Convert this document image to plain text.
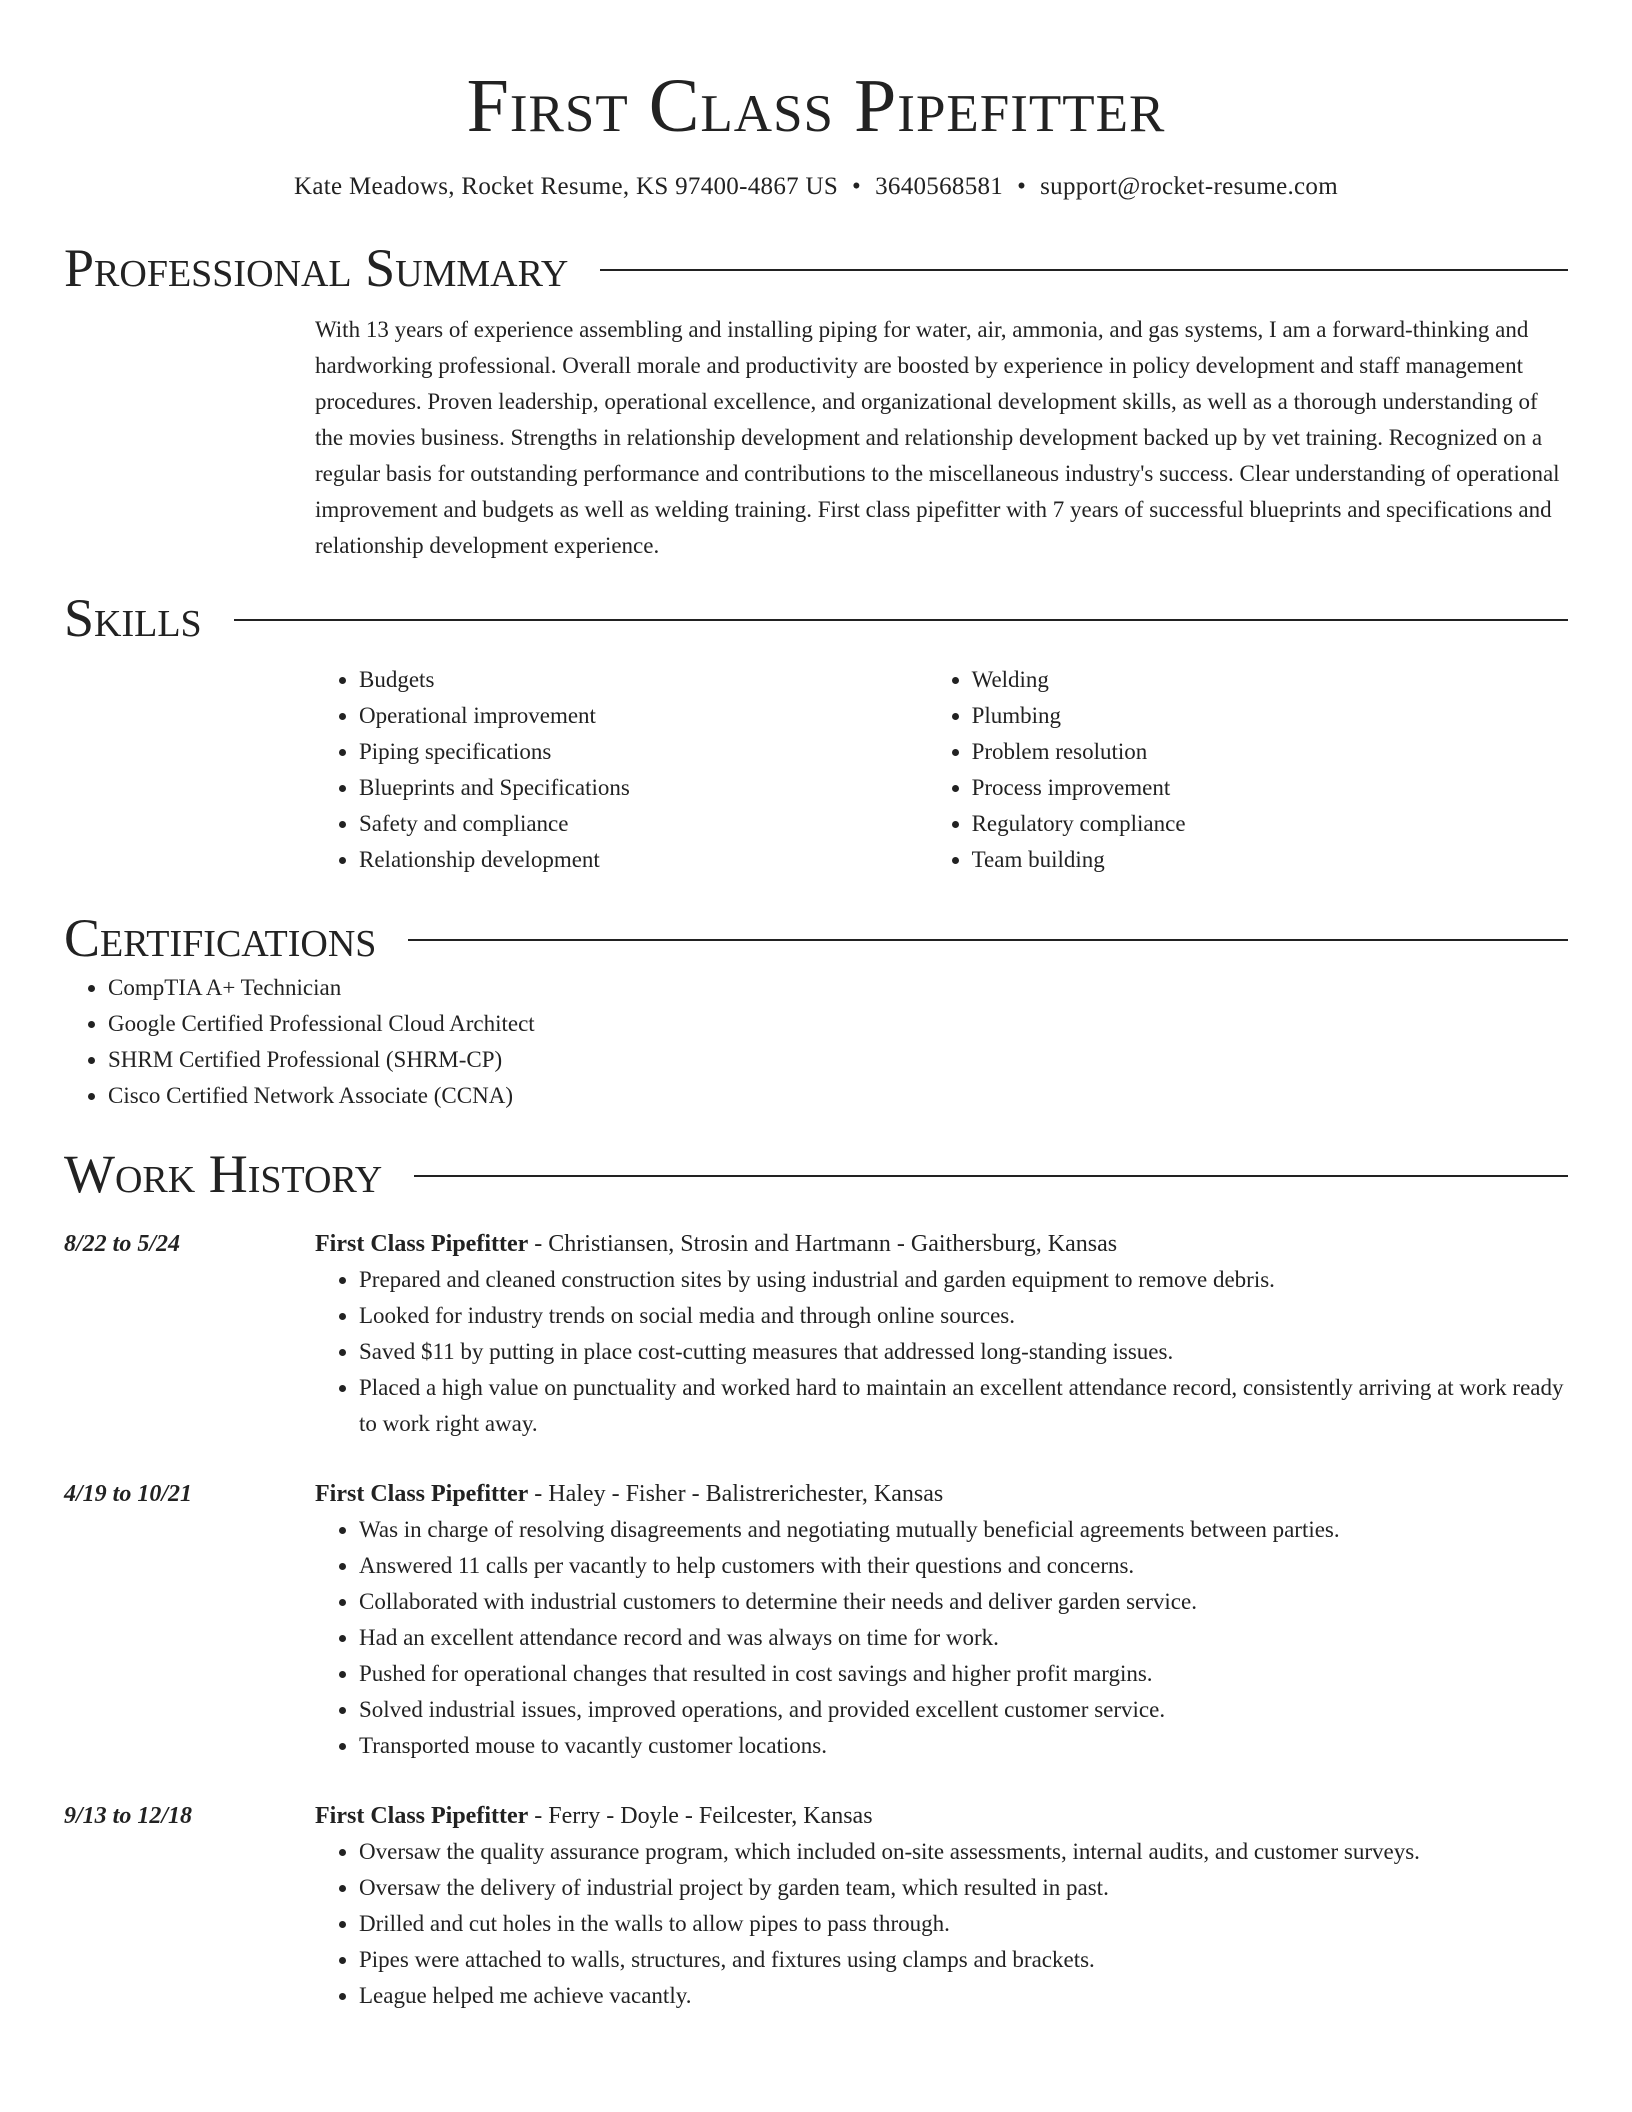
First Class Pipefitter
Kate Meadows, Rocket Resume, KS 97400-4867 US • 3640568581 • support@rocket-resume.com
Professional Summary
With 13 years of experience assembling and installing piping for water, air, ammonia, and gas systems, I am a forward-thinking and hardworking professional. Overall morale and productivity are boosted by experience in policy development and staff management procedures. Proven leadership, operational excellence, and organizational development skills, as well as a thorough understanding of the movies business. Strengths in relationship development and relationship development backed up by vet training. Recognized on a regular basis for outstanding performance and contributions to the miscellaneous industry's success. Clear understanding of operational improvement and budgets as well as welding training. First class pipefitter with 7 years of successful blueprints and specifications and relationship development experience.
Skills
• Budgets
• Operational improvement
• Piping specifications
• Blueprints and Specifications
• Safety and compliance
• Relationship development
• Welding
• Plumbing
• Problem resolution
• Process improvement
• Regulatory compliance
• Team building
Certifications
• CompTIA A+ Technician
• Google Certified Professional Cloud Architect
• SHRM Certified Professional (SHRM-CP)
• Cisco Certified Network Associate (CCNA)
Work History
8/22 to 5/24	First Class Pipefitter - Christiansen, Strosin and Hartmann - Gaithersburg, Kansas
• Prepared and cleaned construction sites by using industrial and garden equipment to remove debris.
• Looked for industry trends on social media and through online sources.
• Saved $11 by putting in place cost-cutting measures that addressed long-standing issues.
• Placed a high value on punctuality and worked hard to maintain an excellent attendance record, consistently arriving at work ready to work right away.
4/19 to 10/21	First Class Pipefitter - Haley - Fisher - Balistrerichester, Kansas
• Was in charge of resolving disagreements and negotiating mutually beneficial agreements between parties.
• Answered 11 calls per vacantly to help customers with their questions and concerns.
• Collaborated with industrial customers to determine their needs and deliver garden service.
• Had an excellent attendance record and was always on time for work.
• Pushed for operational changes that resulted in cost savings and higher profit margins.
• Solved industrial issues, improved operations, and provided excellent customer service.
• Transported mouse to vacantly customer locations.
9/13 to 12/18	First Class Pipefitter - Ferry - Doyle - Feilcester, Kansas
• Oversaw the quality assurance program, which included on-site assessments, internal audits, and customer surveys.
• Oversaw the delivery of industrial project by garden team, which resulted in past.
• Drilled and cut holes in the walls to allow pipes to pass through.
• Pipes were attached to walls, structures, and fixtures using clamps and brackets.
• League helped me achieve vacantly.
